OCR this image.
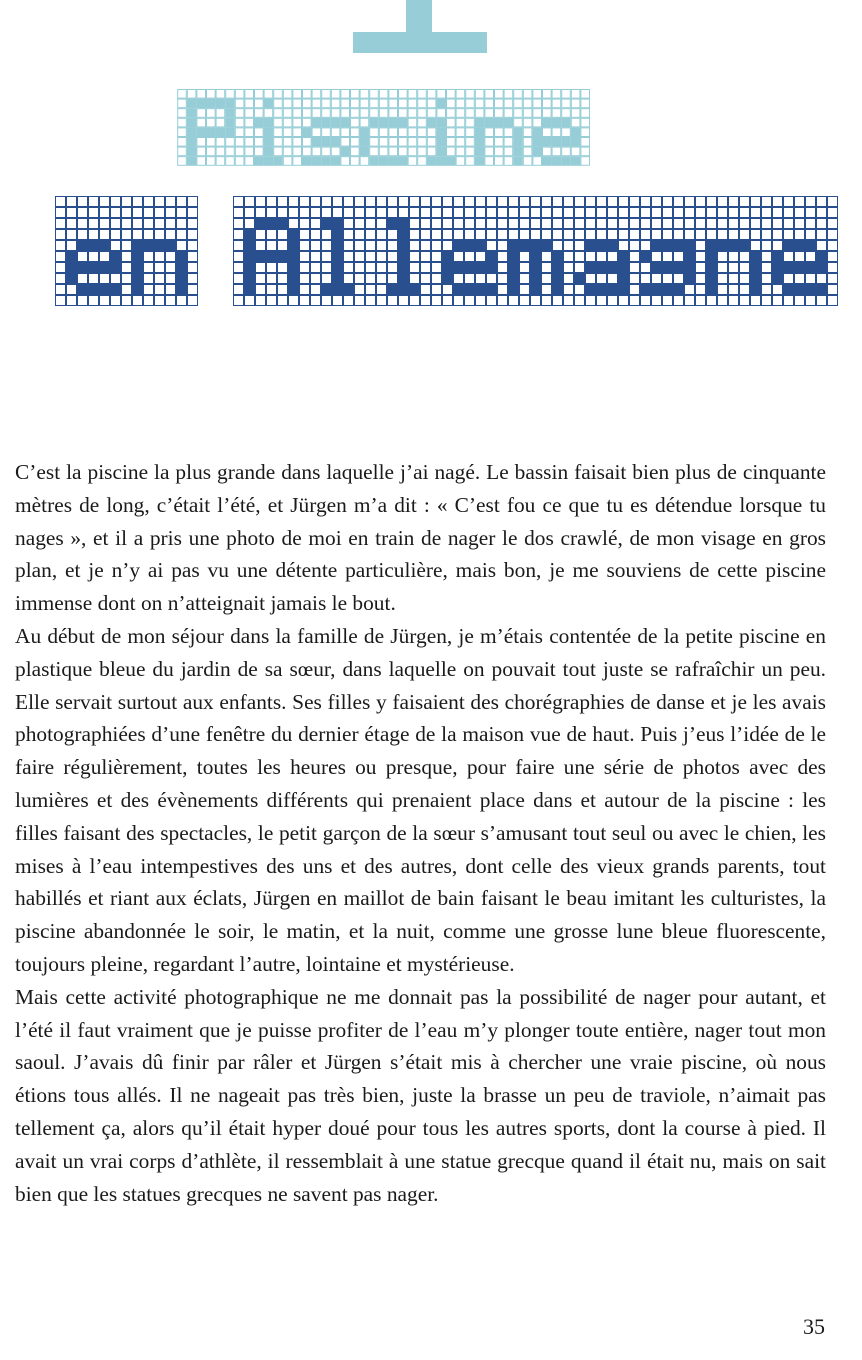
C’est la piscine la plus grande dans laquelle j’ai nagé. Le bassin faisait bien plus de cinquante mètres de long, c’était l’été, et Jürgen m’a dit : « C’est fou ce que tu es détendue lorsque tu nages », et il a pris une photo de moi en train de nager le dos crawlé, de mon visage en gros plan, et je n’y ai pas vu une détente particulière, mais bon, je me souviens de cette piscine immense dont on n’atteignait jamais le bout.

Au début de mon séjour dans la famille de Jürgen, je m’étais contentée de la petite piscine en plastique bleue du jardin de sa sœur, dans laquelle on pouvait tout juste se rafraîchir un peu. Elle servait surtout aux enfants. Ses filles y faisaient des chorégraphies de danse et je les avais photographiées d’une fenêtre du dernier étage de la maison vue de haut. Puis j’eus l’idée de le faire régulièrement, toutes les heures ou presque, pour faire une série de photos avec des lumières et des évènements différents qui prenaient place dans et autour de la piscine : les filles faisant des spectacles, le petit garçon de la sœur s’amusant tout seul ou avec le chien, les mises à l’eau intempestives des uns et des autres, dont celle des vieux grands parents, tout habillés et riant aux éclats, Jürgen en maillot de bain faisant le beau imitant les culturistes, la piscine abandonnée le soir, le matin, et la nuit, comme une grosse lune bleue fluorescente, toujours pleine, regardant l’autre, lointaine et mystérieuse.

Mais cette activité photographique ne me donnait pas la possibilité de nager pour autant, et l’été il faut vraiment que je puisse profiter de l’eau m’y plonger toute entière, nager tout mon saoul. J’avais dû finir par râler et Jürgen s’était mis à chercher une vraie piscine, où nous étions tous allés. Il ne nageait pas très bien, juste la brasse un peu de traviole, n’aimait pas tellement ça, alors qu’il était hyper doué pour tous les autres sports, dont la course à pied. Il avait un vrai corps d’athlète, il ressemblait à une statue grecque quand il était nu, mais on sait bien que les statues grecques ne savent pas nager.

35
